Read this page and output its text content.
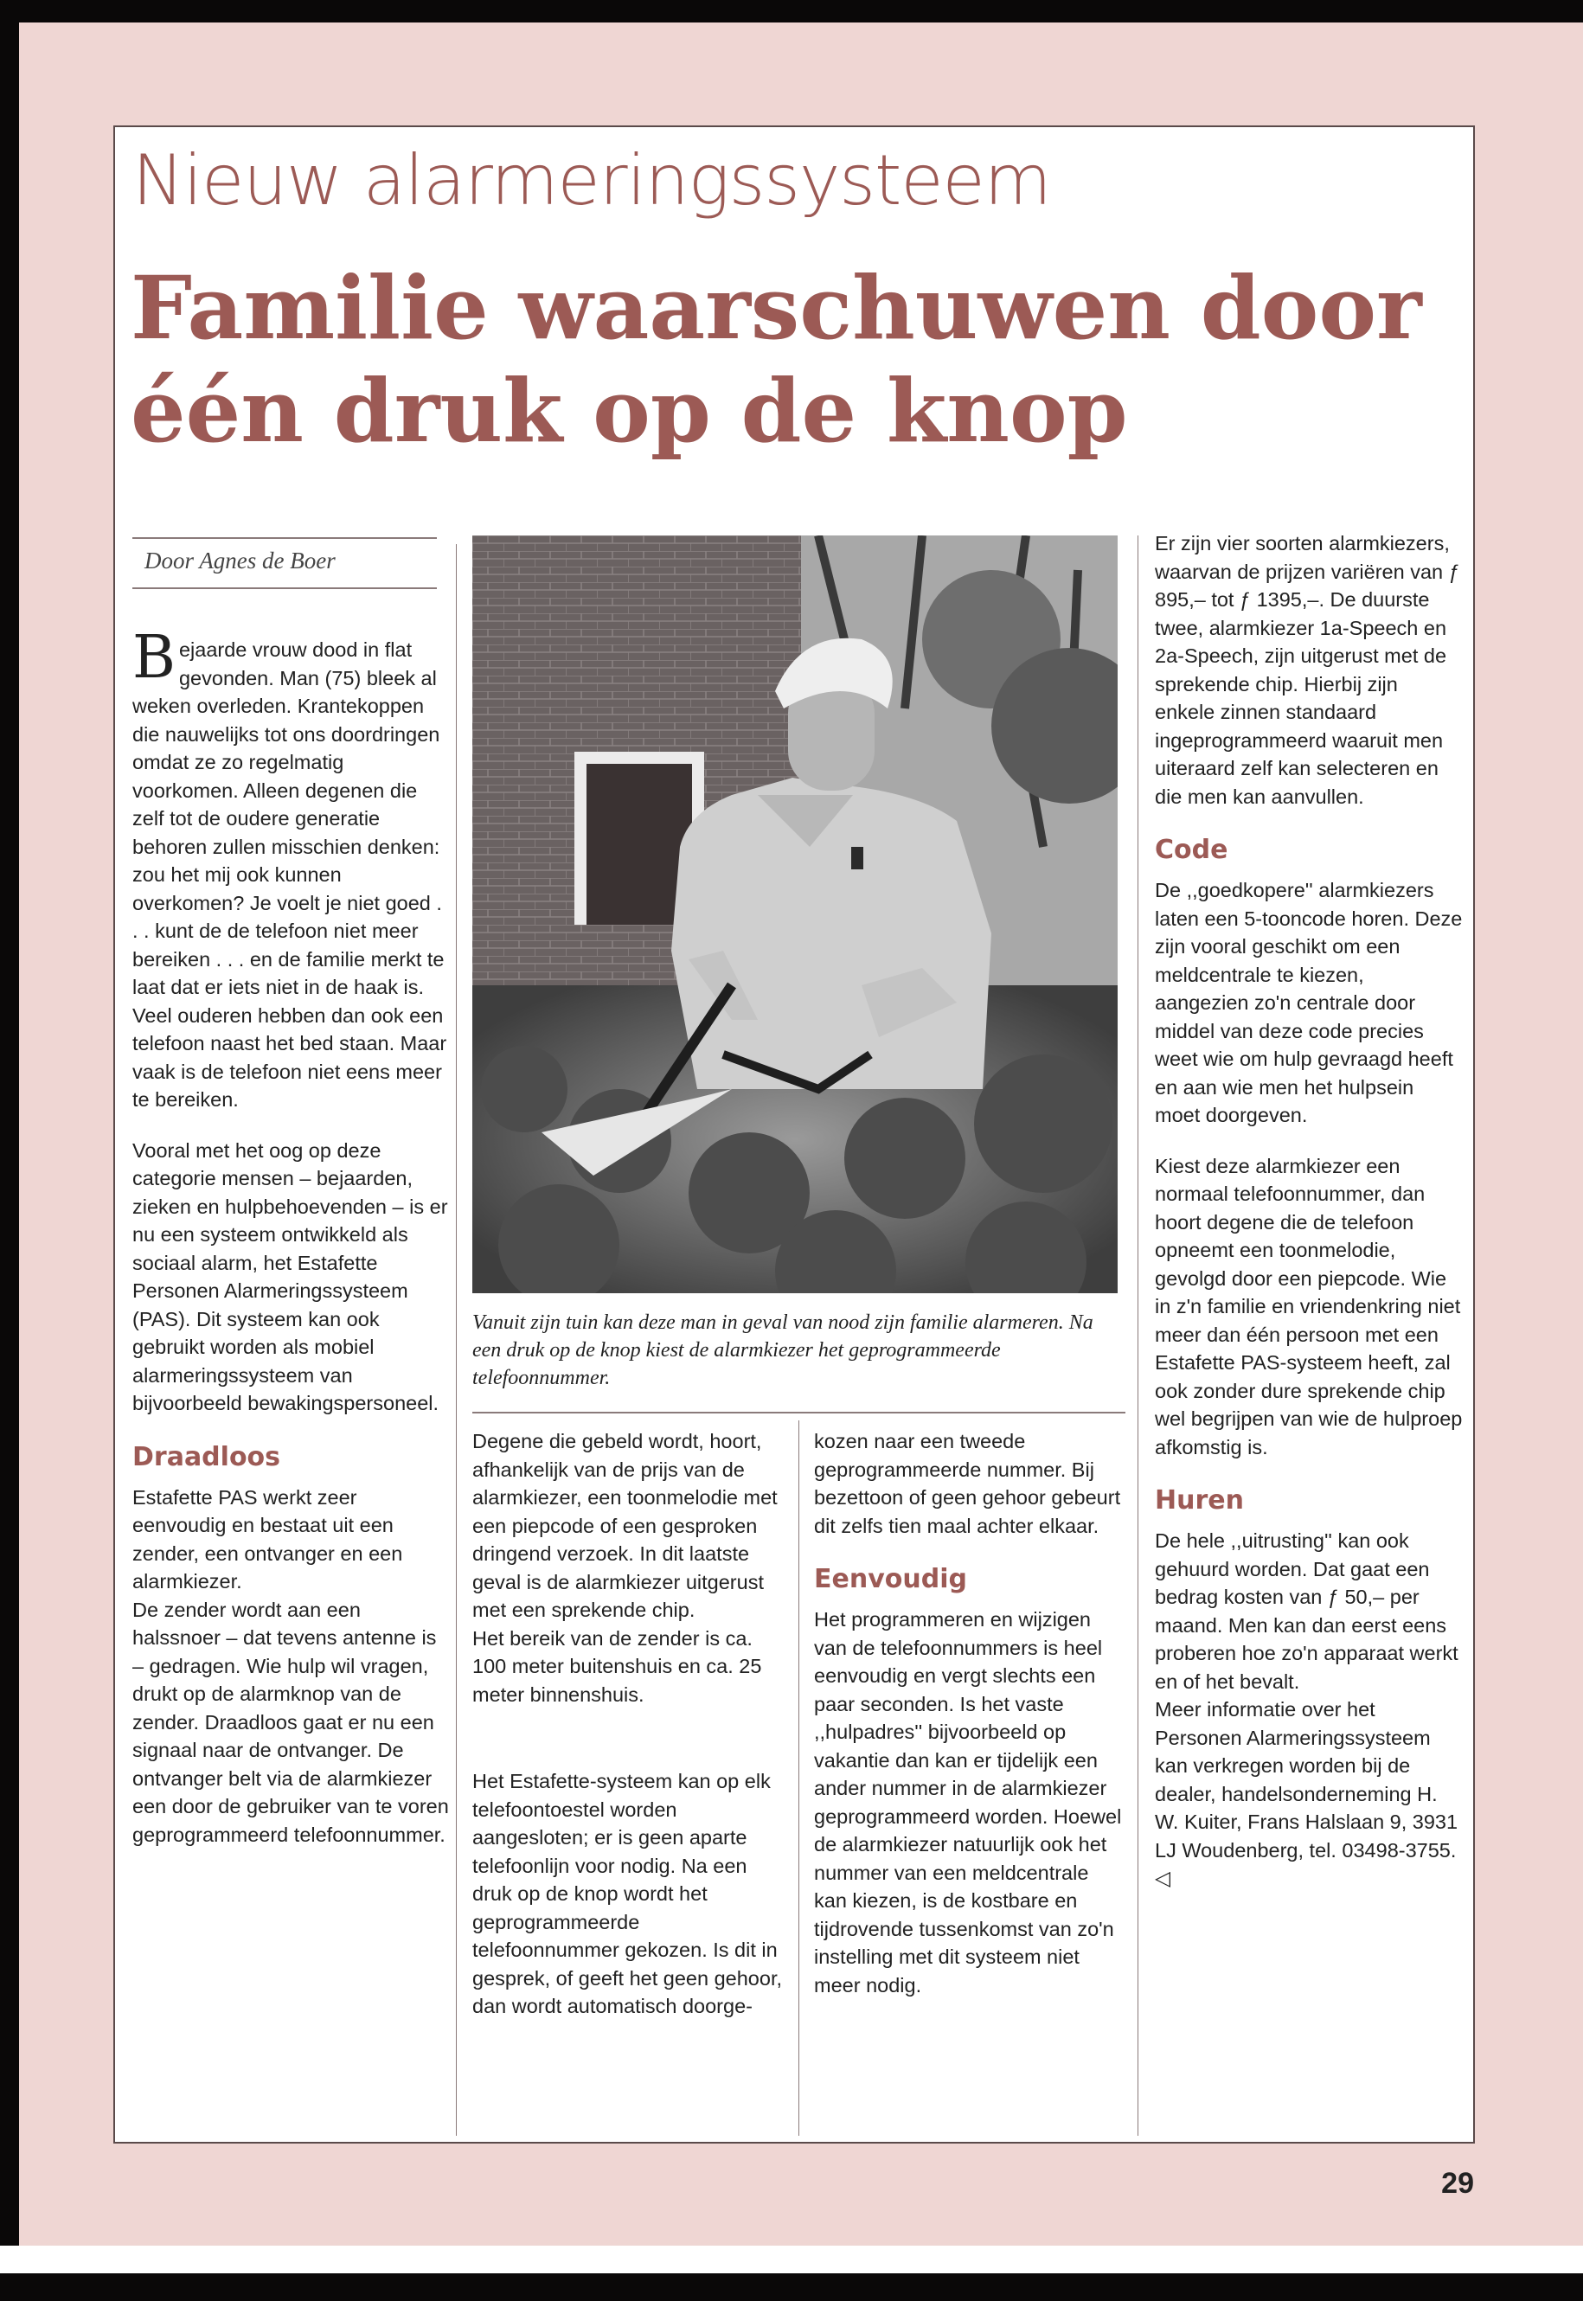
Nieuw alarmeringssysteem
Familie waarschuwen door één druk op de knop
Door Agnes de Boer

Bejaarde vrouw dood in flat gevonden. Man (75) bleek al weken overleden. Krantekoppen die nauwelijks tot ons doordringen omdat ze zo regelmatig voorkomen. Alleen degenen die zelf tot de oudere generatie behoren zullen misschien denken: zou het mij ook kunnen overkomen? Je voelt je niet goed . . . kunt de de telefoon niet meer bereiken . . . en de familie merkt te laat dat er iets niet in de haak is. Veel ouderen hebben dan ook een telefoon naast het bed staan. Maar vaak is de telefoon niet eens meer te bereiken.

Vooral met het oog op deze categorie mensen – bejaarden, zieken en hulpbehoevenden – is er nu een systeem ontwikkeld als sociaal alarm, het Estafette Personen Alarmeringssysteem (PAS). Dit systeem kan ook gebruikt worden als mobiel alarmeringssysteem van bijvoorbeeld bewakingspersoneel.

Draadloos

Estafette PAS werkt zeer eenvoudig en bestaat uit een zender, een ontvanger en een alarmkiezer.

De zender wordt aan een halssnoer – dat tevens antenne is – gedragen. Wie hulp wil vragen, drukt op de alarmknop van de zender. Draadloos gaat er nu een signaal naar de ontvanger. De ontvanger belt via de alarmkiezer een door de gebruiker van te voren geprogrammeerd telefoonnummer.

Vanuit zijn tuin kan deze man in geval van nood zijn familie alarmeren. Na een druk op de knop kiest de alarmkiezer het geprogrammeerde telefoonnummer.

Degene die gebeld wordt, hoort, afhankelijk van de prijs van de alarmkiezer, een toonmelodie met een piepcode of een gesproken dringend verzoek. In dit laatste geval is de alarmkiezer uitgerust met een sprekende chip.

Het bereik van de zender is ca. 100 meter buitenshuis en ca. 25 meter binnenshuis.

Het Estafette-systeem kan op elk telefoontoestel worden aangesloten; er is geen aparte telefoonlijn voor nodig. Na een druk op de knop wordt het geprogrammeerde telefoonnummer gekozen. Is dit in gesprek, of geeft het geen gehoor, dan wordt automatisch doorge-

kozen naar een tweede geprogrammeerde nummer. Bij bezettoon of geen gehoor gebeurt dit zelfs tien maal achter elkaar.

Eenvoudig

Het programmeren en wijzigen van de telefoonnummers is heel eenvoudig en vergt slechts een paar seconden. Is het vaste ,,hulpadres'' bijvoorbeeld op vakantie dan kan er tijdelijk een ander nummer in de alarmkiezer geprogrammeerd worden. Hoewel de alarmkiezer natuurlijk ook het nummer van een meldcentrale kan kiezen, is de kostbare en tijdrovende tussenkomst van zo'n instelling met dit systeem niet meer nodig.

Er zijn vier soorten alarmkiezers, waarvan de prijzen variëren van ƒ 895,– tot ƒ 1395,–. De duurste twee, alarmkiezer 1a-Speech en 2a-Speech, zijn uitgerust met de sprekende chip. Hierbij zijn enkele zinnen standaard ingeprogrammeerd waaruit men uiteraard zelf kan selecteren en die men kan aanvullen.

Code

De ,,goedkopere'' alarmkiezers laten een 5-tooncode horen. Deze zijn vooral geschikt om een meldcentrale te kiezen, aangezien zo'n centrale door middel van deze code precies weet wie om hulp gevraagd heeft en aan wie men het hulpsein moet doorgeven.

Kiest deze alarmkiezer een normaal telefoonnummer, dan hoort degene die de telefoon opneemt een toonmelodie, gevolgd door een piepcode. Wie in z'n familie en vriendenkring niet meer dan één persoon met een Estafette PAS-systeem heeft, zal ook zonder dure sprekende chip wel begrijpen van wie de hulproep afkomstig is.

Huren

De hele ,,uitrusting'' kan ook gehuurd worden. Dat gaat een bedrag kosten van ƒ 50,– per maand. Men kan dan eerst eens proberen hoe zo'n apparaat werkt en of het bevalt.

Meer informatie over het Personen Alarmeringssysteem kan verkregen worden bij de dealer, handelsonderneming H. W. Kuiter, Frans Halslaan 9, 3931 LJ Woudenberg, tel. 03498-3755. ◁

29
